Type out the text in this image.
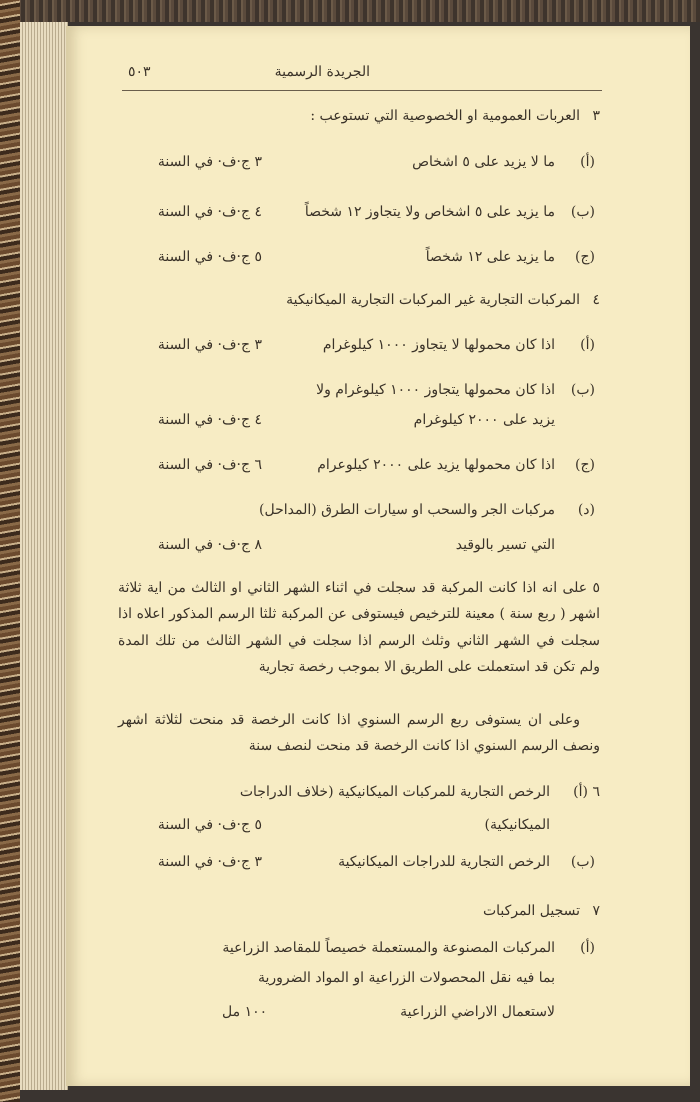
الجريدة الرسمية
٥٠٣
٣
العربات العمومية او الخصوصية التي تستوعب :
(أ)
ما لا يزيد على ٥ اشخاص
٣ ج·ف· في السنة
(ب)
ما يزيد على ٥ اشخاص ولا يتجاوز ١٢ شخصاً
٤ ج·ف· في السنة
(ج)
ما يزيد على ١٢ شخصاً
٥ ج·ف· في السنة
٤
المركبات التجارية غير المركبات التجارية الميكانيكية
(أ)
اذا كان محمولها لا يتجاوز ١٠٠٠ كيلوغرام
٣ ج·ف· في السنة
(ب)
اذا كان محمولها يتجاوز ١٠٠٠ كيلوغرام ولا
يزيد على ٢٠٠٠ كيلوغرام
٤ ج·ف· في السنة
(ج)
اذا كان محمولها يزيد على ٢٠٠٠ كيلوعرام
٦ ج·ف· في السنة
(د)
مركبات الجر والسحب او سيارات الطرق (المداحل)
التي تسير بالوقيد
٨ ج·ف· في السنة
٥ على انه اذا كانت المركبة قد سجلت في اثناء الشهر الثاني او الثالث من اية ثلاثة اشهر ( ربع سنة ) معينة للترخيص فيستوفى عن المركبة ثلثا الرسم المذكور اعلاه اذا سجلت في الشهر الثاني وثلث الرسم اذا سجلت في الشهر الثالث من تلك المدة ولم تكن قد استعملت على الطريق الا بموجب رخصة تجارية
وعلى ان يستوفى ربع الرسم السنوي اذا كانت الرخصة قد منحت لثلاثة اشهر ونصف الرسم السنوي اذا كانت الرخصة قد منحت لنصف سنة
٦
(أ)
الرخص التجارية للمركبات الميكانيكية (خلاف الدراجات
الميكانيكية)
٥ ج·ف· في السنة
(ب)
الرخص التجارية للدراجات الميكانيكية
٣ ج·ف· في السنة
٧
تسجيل المركبات
(أ)
المركبات المصنوعة والمستعملة خصيصاً للمقاصد الزراعية
بما فيه نقل المحصولات الزراعية او المواد الضرورية
لاستعمال الاراضي الزراعية
١٠٠ مل
